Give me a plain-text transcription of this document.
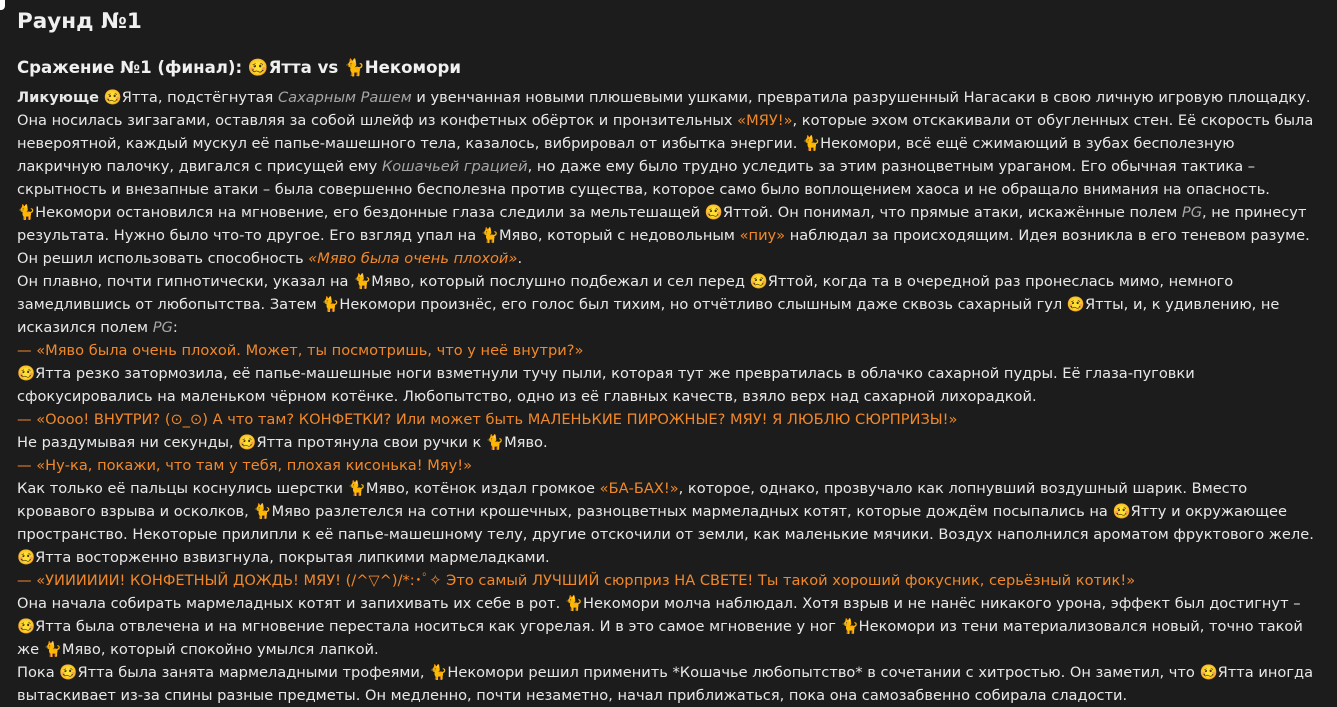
Раунд №1
Сражение №1 (финал): 🥴Ятта vs 🐈Некомори

Ликующе 🥴Ятта, подстёгнутая Сахарным Рашем и увенчанная новыми плюшевыми ушками, превратила разрушенный Нагасаки в свою личную игровую площадку. Она носилась зигзагами, оставляя за собой шлейф из конфетных обёрток и пронзительных «МЯУ!», которые эхом отскакивали от обугленных стен. Её скорость была невероятной, каждый мускул её папье-машешного тела, казалось, вибрировал от избытка энергии. 🐈Некомори, всё ещё сжимающий в зубах бесполезную лакричную палочку, двигался с присущей ему Кошачьей грацией, но даже ему было трудно уследить за этим разноцветным ураганом. Его обычная тактика – скрытность и внезапные атаки – была совершенно бесполезна против существа, которое само было воплощением хаоса и не обращало внимания на опасность.

🐈Некомори остановился на мгновение, его бездонные глаза следили за мельтешащей 🥴Яттой. Он понимал, что прямые атаки, искажённые полем PG, не принесут результата. Нужно было что-то другое. Его взгляд упал на 🐈Мяво, который с недовольным «пиу» наблюдал за происходящим. Идея возникла в его теневом разуме. Он решил использовать способность «Мяво была очень плохой».

Он плавно, почти гипнотически, указал на 🐈Мяво, который послушно подбежал и сел перед 🥴Яттой, когда та в очередной раз пронеслась мимо, немного замедлившись от любопытства. Затем 🐈Некомори произнёс, его голос был тихим, но отчётливо слышным даже сквозь сахарный гул 🥴Ятты, и, к удивлению, не исказился полем PG:

— «Мяво была очень плохой. Может, ты посмотришь, что у неё внутри?»

🥴Ятта резко затормозила, её папье-машешные ноги взметнули тучу пыли, которая тут же превратилась в облачко сахарной пудры. Её глаза-пуговки сфокусировались на маленьком чёрном котёнке. Любопытство, одно из её главных качеств, взяло верх над сахарной лихорадкой.

— «Оооо! ВНУТРИ? (⊙_⊙) А что там? КОНФЕТКИ? Или может быть МАЛЕНЬКИЕ ПИРОЖНЫЕ? МЯУ! Я ЛЮБЛЮ СЮРПРИЗЫ!»

Не раздумывая ни секунды, 🥴Ятта протянула свои ручки к 🐈Мяво.

— «Ну-ка, покажи, что там у тебя, плохая кисонька! Мяу!»

Как только её пальцы коснулись шерстки 🐈Мяво, котёнок издал громкое «БА-БАХ!», которое, однако, прозвучало как лопнувший воздушный шарик. Вместо кровавого взрыва и осколков, 🐈Мяво разлетелся на сотни крошечных, разноцветных мармеладных котят, которые дождём посыпались на 🥴Ятту и окружающее пространство. Некоторые прилипли к её папье-машешному телу, другие отскочили от земли, как маленькие мячики. Воздух наполнился ароматом фруктового желе.

🥴Ятта восторженно взвизгнула, покрытая липкими мармеладками.

— «УИИИИИИ! КОНФЕТНЫЙ ДОЖДЬ! МЯУ! (/^▽^)/*:･ﾟ✧ Это самый ЛУЧШИЙ сюрприз НА СВЕТЕ! Ты такой хороший фокусник, серьёзный котик!»

Она начала собирать мармеладных котят и запихивать их себе в рот. 🐈Некомори молча наблюдал. Хотя взрыв и не нанёс никакого урона, эффект был достигнут – 🥴Ятта была отвлечена и на мгновение перестала носиться как угорелая. И в это самое мгновение у ног 🐈Некомори из тени материализовался новый, точно такой же 🐈Мяво, который спокойно умылся лапкой.

Пока 🥴Ятта была занята мармеладными трофеями, 🐈Некомори решил применить *Кошачье любопытство* в сочетании с хитростью. Он заметил, что 🥴Ятта иногда вытаскивает из-за спины разные предметы. Он медленно, почти незаметно, начал приближаться, пока она самозабвенно собирала сладости.
